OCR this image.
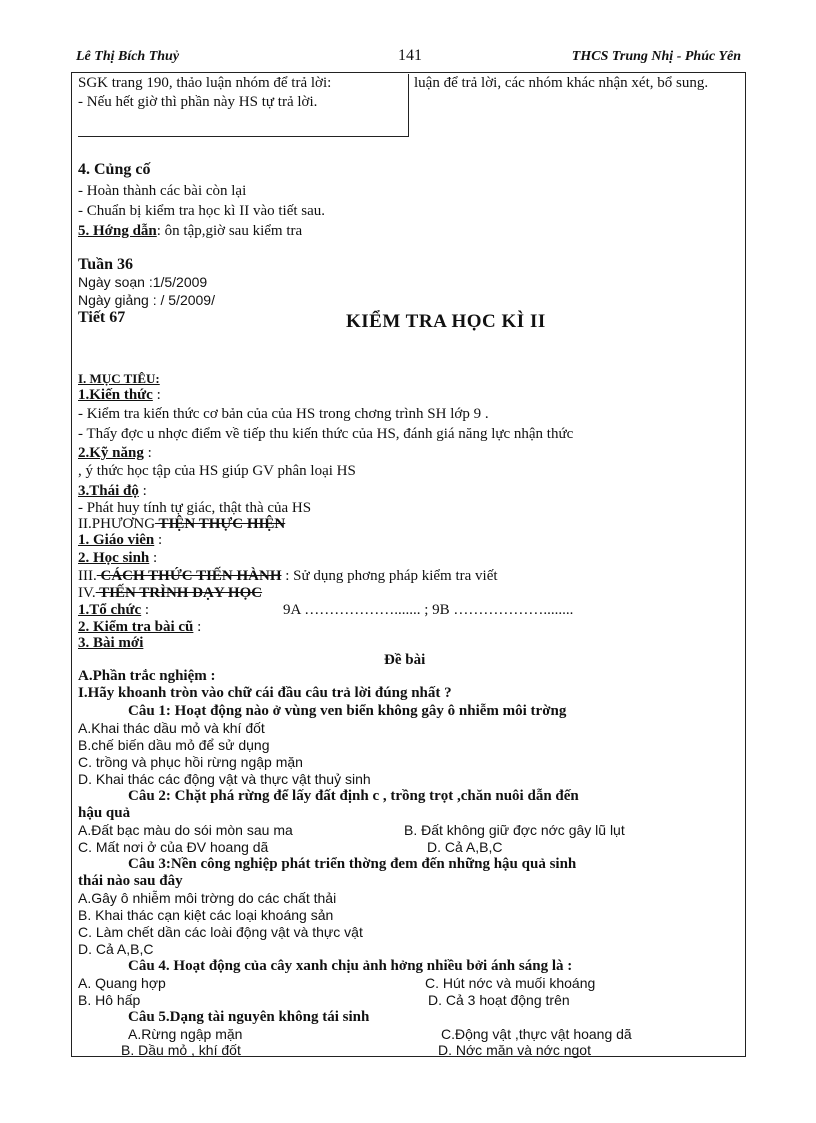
Lê Thị Bích Thuỷ	141	THCS Trung Nhị - Phúc Yên

SGK trang 190, thảo luận nhóm để trả lời:

- Nếu hết giờ thì phần này HS tự trả lời.

luận để trả lời, các nhóm khác nhận xét, bổ sung.

4. Củng cố

- Hoàn thành các bài còn lại

- Chuẩn bị kiểm tra học kì II vào tiết sau.

5. Hớng dẫn: ôn tập,giờ sau kiểm tra

Tuần 36

Ngày soạn :1/5/2009

Ngày giảng : / 5/2009/

Tiết 67	KIỂM TRA HỌC KÌ II

I. MỤC TIÊU:

1.Kiến thức :

- Kiểm tra kiến thức cơ bản của của HS trong chơng trình SH lớp 9 .

- Thấy đợc u nhợc điểm về tiếp thu kiến thức của HS, đánh giá năng lực nhận thức

2.Kỹ năng :

, ý thức học tập của HS giúp GV phân loại HS

3.Thái độ :

- Phát huy tính tự giác, thật thà của HS

II.PHƯƠNG TIỆN THỰC HIỆN

1. Giáo viên :

2. Học sinh :

III. CÁCH THỨC TIẾN HÀNH : Sử dụng phơng pháp kiểm tra viết

IV. TIẾN TRÌNH DẠY HỌC

1.Tổ chức :	9A ………………....... ; 9B ………………........

2. Kiểm tra bài cũ :

3. Bài mới

Đề bài

A.Phần trắc nghiệm :

I.Hãy khoanh tròn vào chữ cái đầu câu trả lời đúng nhất ?

Câu 1: Hoạt động nào ở vùng ven biển không gây ô nhiễm môi trờng

A.Khai thác dầu mỏ và khí đốt

B.chế biến dầu mỏ để sử dụng

C. trồng và phục hồi rừng ngập mặn

D. Khai thác các động vật và thực vật thuỷ sinh

Câu 2: Chặt phá rừng để lấy đất định c , trồng trọt ,chăn nuôi dẫn đến

hậu quả

A.Đất bạc màu do sói mòn sau ma	B. Đất không giữ đợc nớc gây lũ lụt

C. Mất nơi ở của ĐV hoang dã	D. Cả A,B,C

Câu 3:Nền công nghiệp phát triển thờng đem đến những hậu quả sinh

thái nào sau đây

A.Gây ô nhiễm môi trờng do các chất thải

B. Khai thác cạn kiệt các loại khoáng sản

C. Làm chết dần các loài động vật và thực vật

D. Cả A,B,C

Câu 4. Hoạt động của cây xanh chịu ảnh hởng nhiều bởi ánh sáng là :

A. Quang hợp	C. Hút nớc và muối khoáng

B. Hô hấp	D. Cả 3 hoạt động trên

Câu 5.Dạng tài nguyên không tái sinh

A.Rừng ngập mặn	C.Động vật ,thực vật hoang dã

B. Dầu mỏ , khí đốt	D. Nớc mặn và nớc ngọt
